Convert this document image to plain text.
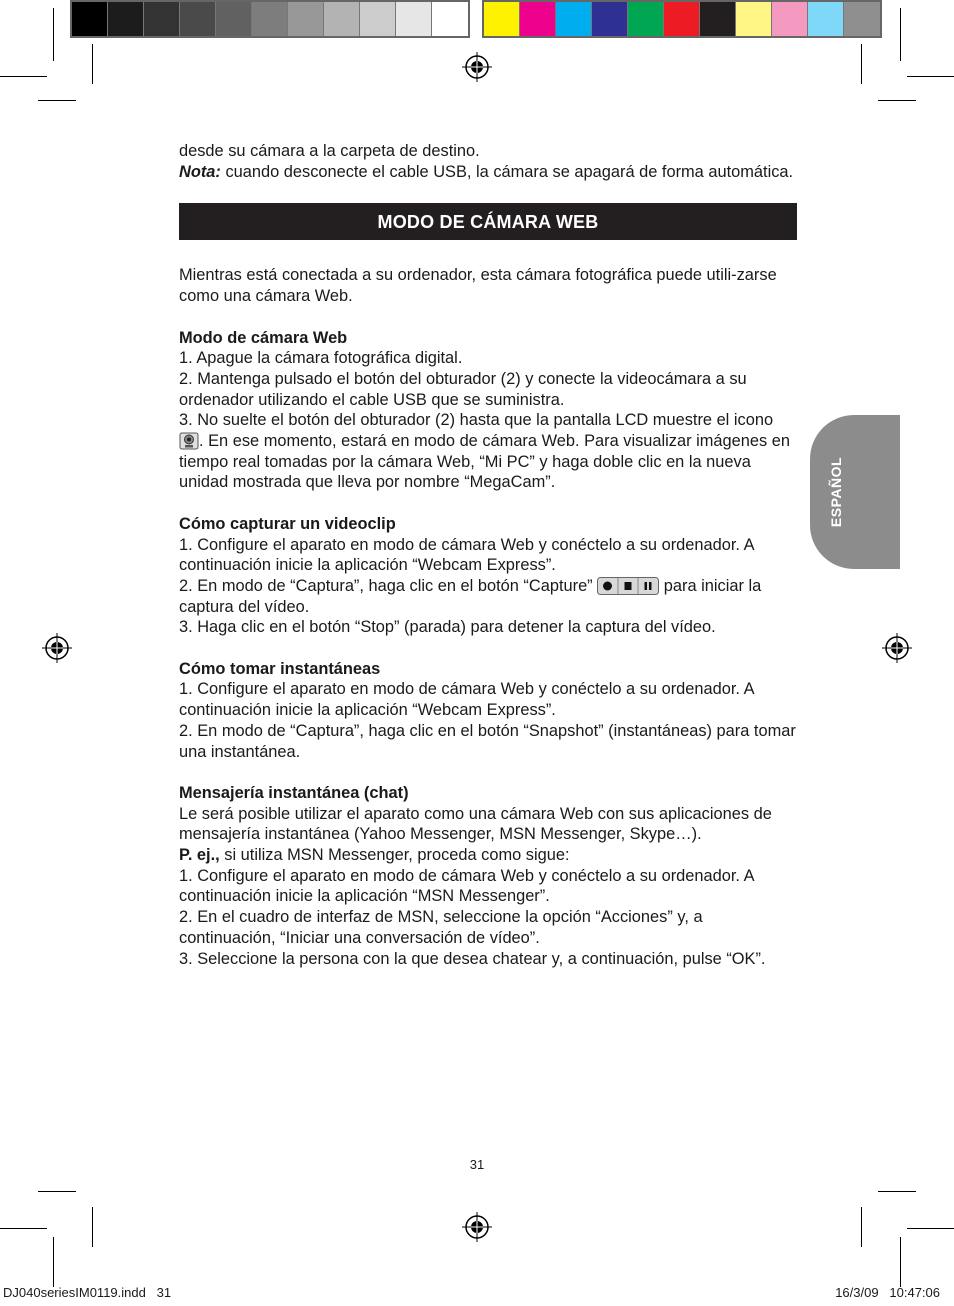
ESPAÑOL

desde su cámara a la carpeta de destino.

Nota: cuando desconecte el cable USB, la cámara se apagará de forma automática.

MODO DE CÁMARA WEB

Mientras está conectada a su ordenador, esta cámara fotográfica puede utili-zarse como una cámara Web.

Modo de cámara Web

1. Apague la cámara fotográfica digital.

2. Mantenga pulsado el botón del obturador (2) y conecte la videocámara a su ordenador utilizando el cable USB que se suministra.

3. No suelte el botón del obturador (2) hasta que la pantalla LCD muestre el icono . En ese momento, estará en modo de cámara Web. Para visualizar imágenes en tiempo real tomadas por la cámara Web, “Mi PC” y haga doble clic en la nueva unidad mostrada que lleva por nombre “MegaCam”.

Cómo capturar un videoclip

1. Configure el aparato en modo de cámara Web y conéctelo a su ordenador. A continuación inicie la aplicación “Webcam Express”.

2. En modo de “Captura”, haga clic en el botón “Capture”	para iniciar la captura del vídeo.

3. Haga clic en el botón “Stop” (parada) para detener la captura del vídeo.

Cómo tomar instantáneas

1. Configure el aparato en modo de cámara Web y conéctelo a su ordenador. A continuación inicie la aplicación “Webcam Express”.

2. En modo de “Captura”, haga clic en el botón “Snapshot” (instantáneas) para tomar una instantánea.

Mensajería instantánea (chat)

Le será posible utilizar el aparato como una cámara Web con sus aplicaciones de mensajería instantánea (Yahoo Messenger, MSN Messenger, Skype…).

P. ej., si utiliza MSN Messenger, proceda como sigue:

1. Configure el aparato en modo de cámara Web y conéctelo a su ordenador. A continuación inicie la aplicación “MSN Messenger”.

2. En el cuadro de interfaz de MSN, seleccione la opción “Acciones” y, a continuación, “Iniciar una conversación de vídeo”.

3. Seleccione la persona con la que desea chatear y, a continuación, pulse “OK”.

31
DJ040seriesIM0119.indd   31	16/3/09   10:47:06
